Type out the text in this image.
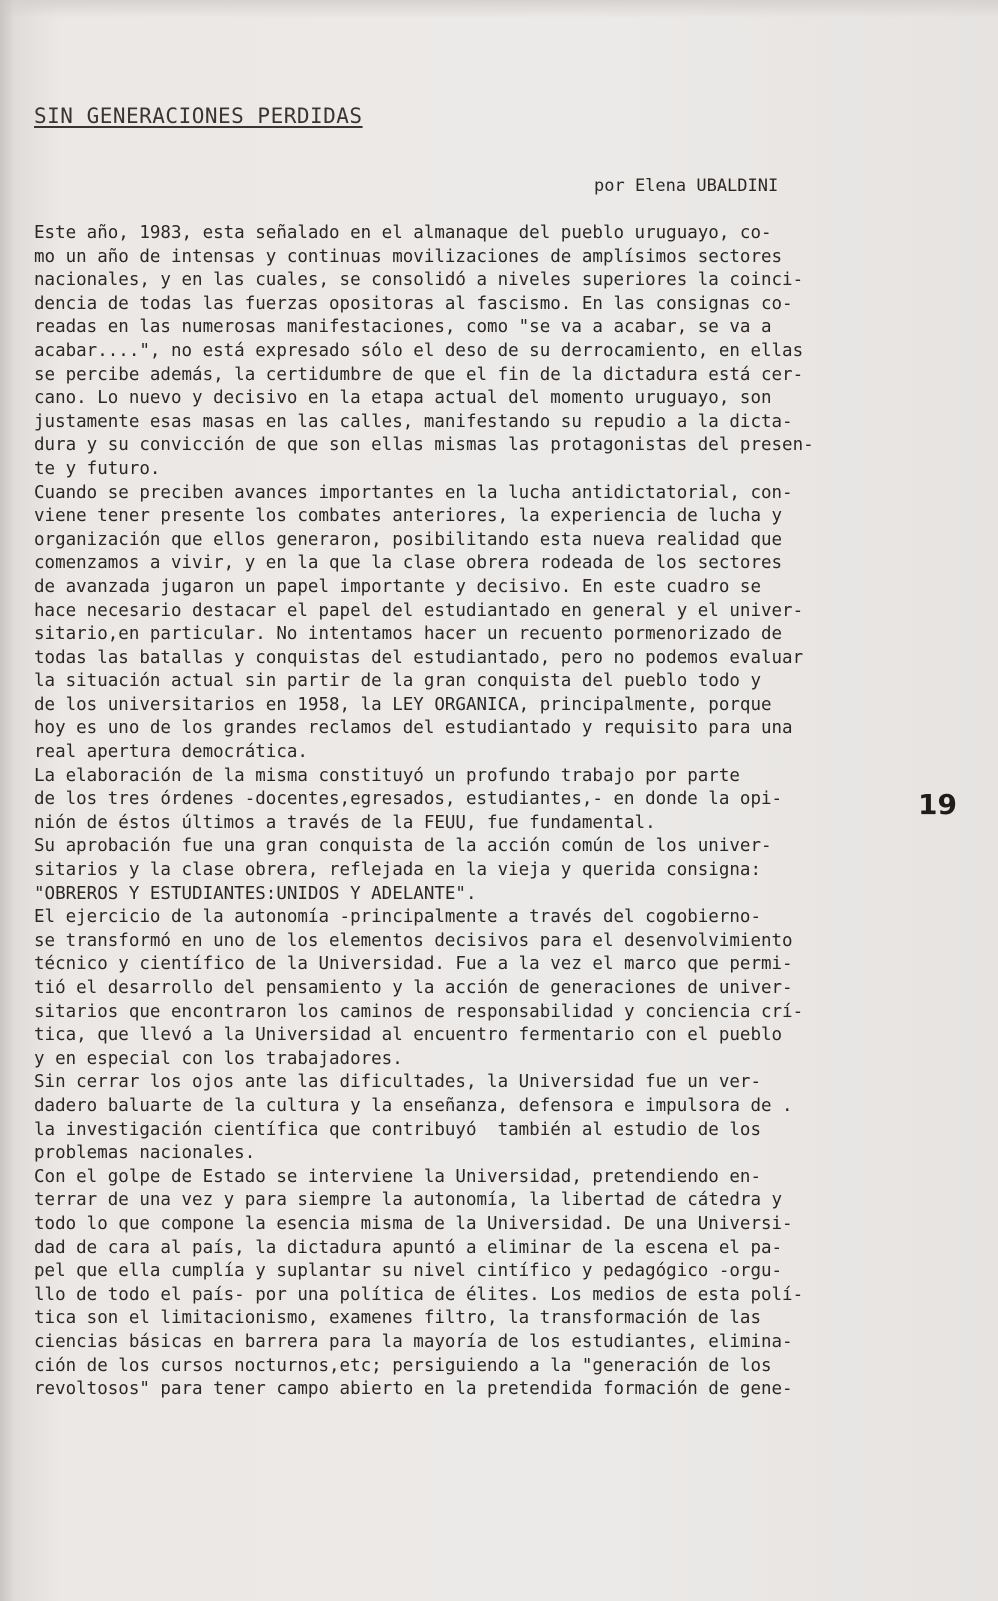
SIN GENERACIONES PERDIDAS
por Elena UBALDINI
Este año, 1983, esta señalado en el almanaque del pueblo uruguayo, co-
mo un año de intensas y continuas movilizaciones de amplísimos sectores
nacionales, y en las cuales, se consolidó a niveles superiores la coinci-
dencia de todas las fuerzas opositoras al fascismo. En las consignas co-
readas en las numerosas manifestaciones, como "se va a acabar, se va a
acabar....", no está expresado sólo el deso de su derrocamiento, en ellas
se percibe además, la certidumbre de que el fin de la dictadura está cer-
cano. Lo nuevo y decisivo en la etapa actual del momento uruguayo, son
justamente esas masas en las calles, manifestando su repudio a la dicta-
dura y su convicción de que son ellas mismas las protagonistas del presen-
te y futuro.
Cuando se preciben avances importantes en la lucha antidictatorial, con-
viene tener presente los combates anteriores, la experiencia de lucha y
organización que ellos generaron, posibilitando esta nueva realidad que
comenzamos a vivir, y en la que la clase obrera rodeada de los sectores
de avanzada jugaron un papel importante y decisivo. En este cuadro se
hace necesario destacar el papel del estudiantado en general y el univer-
sitario,en particular. No intentamos hacer un recuento pormenorizado de
todas las batallas y conquistas del estudiantado, pero no podemos evaluar
la situación actual sin partir de la gran conquista del pueblo todo y
de los universitarios en 1958, la LEY ORGANICA, principalmente, porque
hoy es uno de los grandes reclamos del estudiantado y requisito para una
real apertura democrática.
La elaboración de la misma constituyó un profundo trabajo por parte
de los tres órdenes -docentes,egresados, estudiantes,- en donde la opi-
nión de éstos últimos a través de la FEUU, fue fundamental.
Su aprobación fue una gran conquista de la acción común de los univer-
sitarios y la clase obrera, reflejada en la vieja y querida consigna:
"OBREROS Y ESTUDIANTES:UNIDOS Y ADELANTE".
El ejercicio de la autonomía -principalmente a través del cogobierno-
se transformó en uno de los elementos decisivos para el desenvolvimiento
técnico y científico de la Universidad. Fue a la vez el marco que permi-
tió el desarrollo del pensamiento y la acción de generaciones de univer-
sitarios que encontraron los caminos de responsabilidad y conciencia crí-
tica, que llevó a la Universidad al encuentro fermentario con el pueblo
y en especial con los trabajadores.
Sin cerrar los ojos ante las dificultades, la Universidad fue un ver-
dadero baluarte de la cultura y la enseñanza, defensora e impulsora de .
la investigación científica que contribuyó  también al estudio de los
problemas nacionales.
Con el golpe de Estado se interviene la Universidad, pretendiendo en-
terrar de una vez y para siempre la autonomía, la libertad de cátedra y
todo lo que compone la esencia misma de la Universidad. De una Universi-
dad de cara al país, la dictadura apuntó a eliminar de la escena el pa-
pel que ella cumplía y suplantar su nivel cintífico y pedagógico -orgu-
llo de todo el país- por una política de élites. Los medios de esta polí-
tica son el limitacionismo, examenes filtro, la transformación de las
ciencias básicas en barrera para la mayoría de los estudiantes, elimina-
ción de los cursos nocturnos,etc; persiguiendo a la "generación de los
revoltosos" para tener campo abierto en la pretendida formación de gene-
19
